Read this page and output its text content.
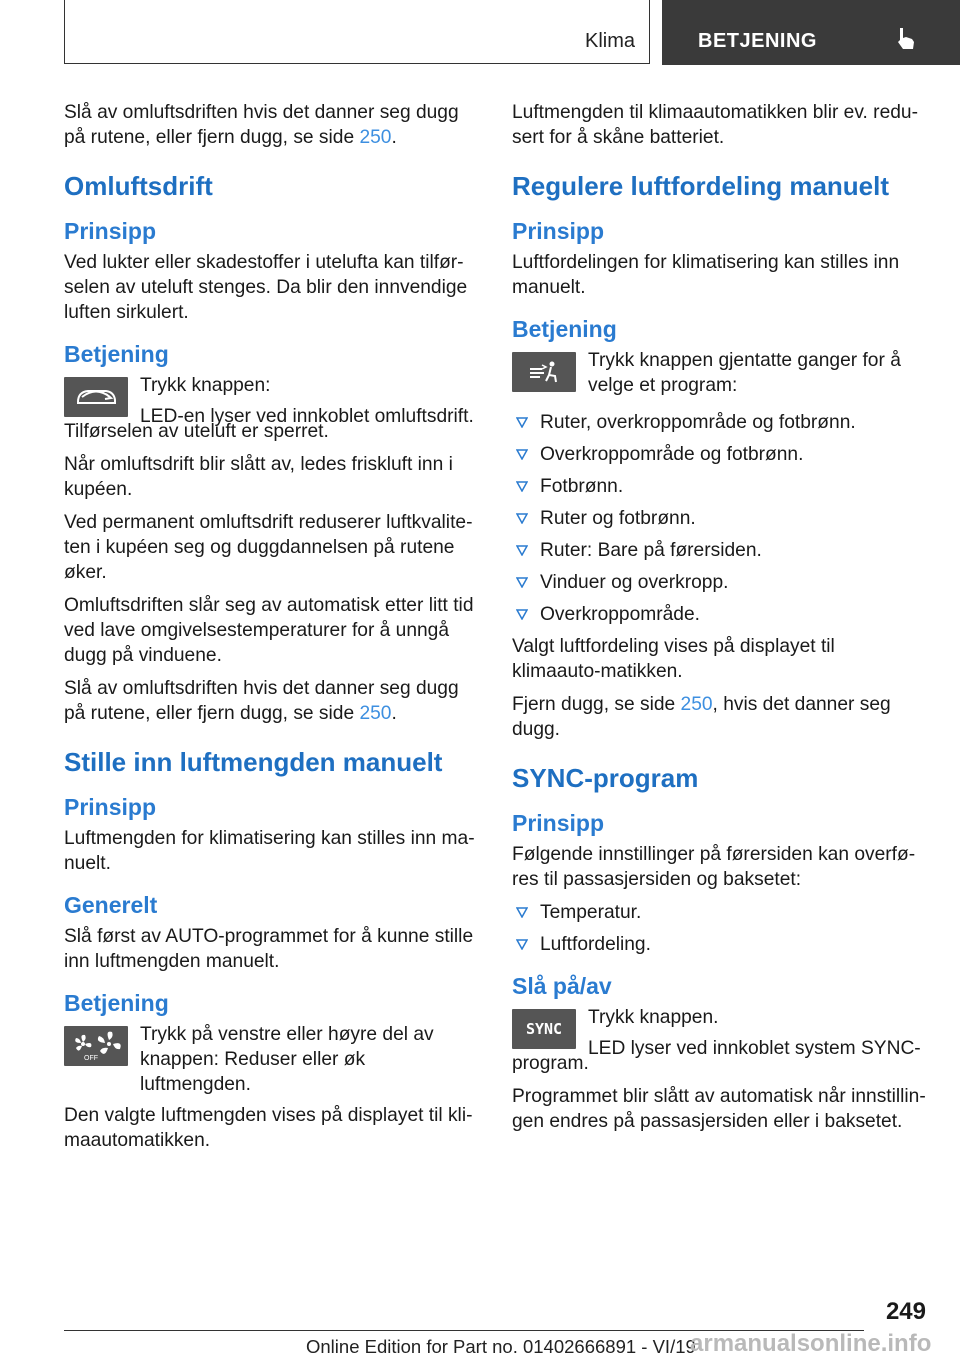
Klima	BETJENING

Slå av omluftsdriften hvis det danner seg dugg på rutene, eller fjern dugg, se side 250.

Omluftsdrift
Prinsipp

Ved lukter eller skadestoffer i utelufta kan tilfør-selen av uteluft stenges. Da blir den innvendige luften sirkulert.

Betjening

Trykk knappen:

LED-en lyser ved innkoblet omluftsdrift.

Tilførselen av uteluft er sperret.

Når omluftsdrift blir slått av, ledes friskluft inn i kupéen.

Ved permanent omluftsdrift reduserer luftkvalite-ten i kupéen seg og duggdannelsen på rutene øker.

Omluftsdriften slår seg av automatisk etter litt tid ved lave omgivelsestemperaturer for å unngå dugg på vinduene.

Slå av omluftsdriften hvis det danner seg dugg på rutene, eller fjern dugg, se side 250.

Stille inn luftmengden manuelt
Prinsipp

Luftmengden for klimatisering kan stilles inn ma-nuelt.

Generelt

Slå først av AUTO-programmet for å kunne stille inn luftmengden manuelt.

Betjening
OFF

Trykk på venstre eller høyre del av knappen: Reduser eller øk luftmengden.

Den valgte luftmengden vises på displayet til kli-maautomatikken.

Luftmengden til klimaautomatikken blir ev. redu-sert for å skåne batteriet.

Regulere luftfordeling manuelt
Prinsipp

Luftfordelingen for klimatisering kan stilles inn manuelt.

Betjening

Trykk knappen gjentatte ganger for å velge et program:

Ruter, overkroppområde og fotbrønn.
Overkroppområde og fotbrønn.
Fotbrønn.
Ruter og fotbrønn.
Ruter: Bare på førersiden.
Vinduer og overkropp.
Overkroppområde.

Valgt luftfordeling vises på displayet til klimaauto-matikken.

Fjern dugg, se side 250, hvis det danner seg dugg.

SYNC-program
Prinsipp

Følgende innstillinger på førersiden kan overfø-res til passasjersiden og baksetet:

Temperatur.
Luftfordeling.
Slå på/av
SYNC

Trykk knappen.

LED lyser ved innkoblet system SYNC-

program.

Programmet blir slått av automatisk når innstillin-gen endres på passasjersiden eller i baksetet.

249
Online Edition for Part no. 01402666891 - VI/19
armanualsonline.info
